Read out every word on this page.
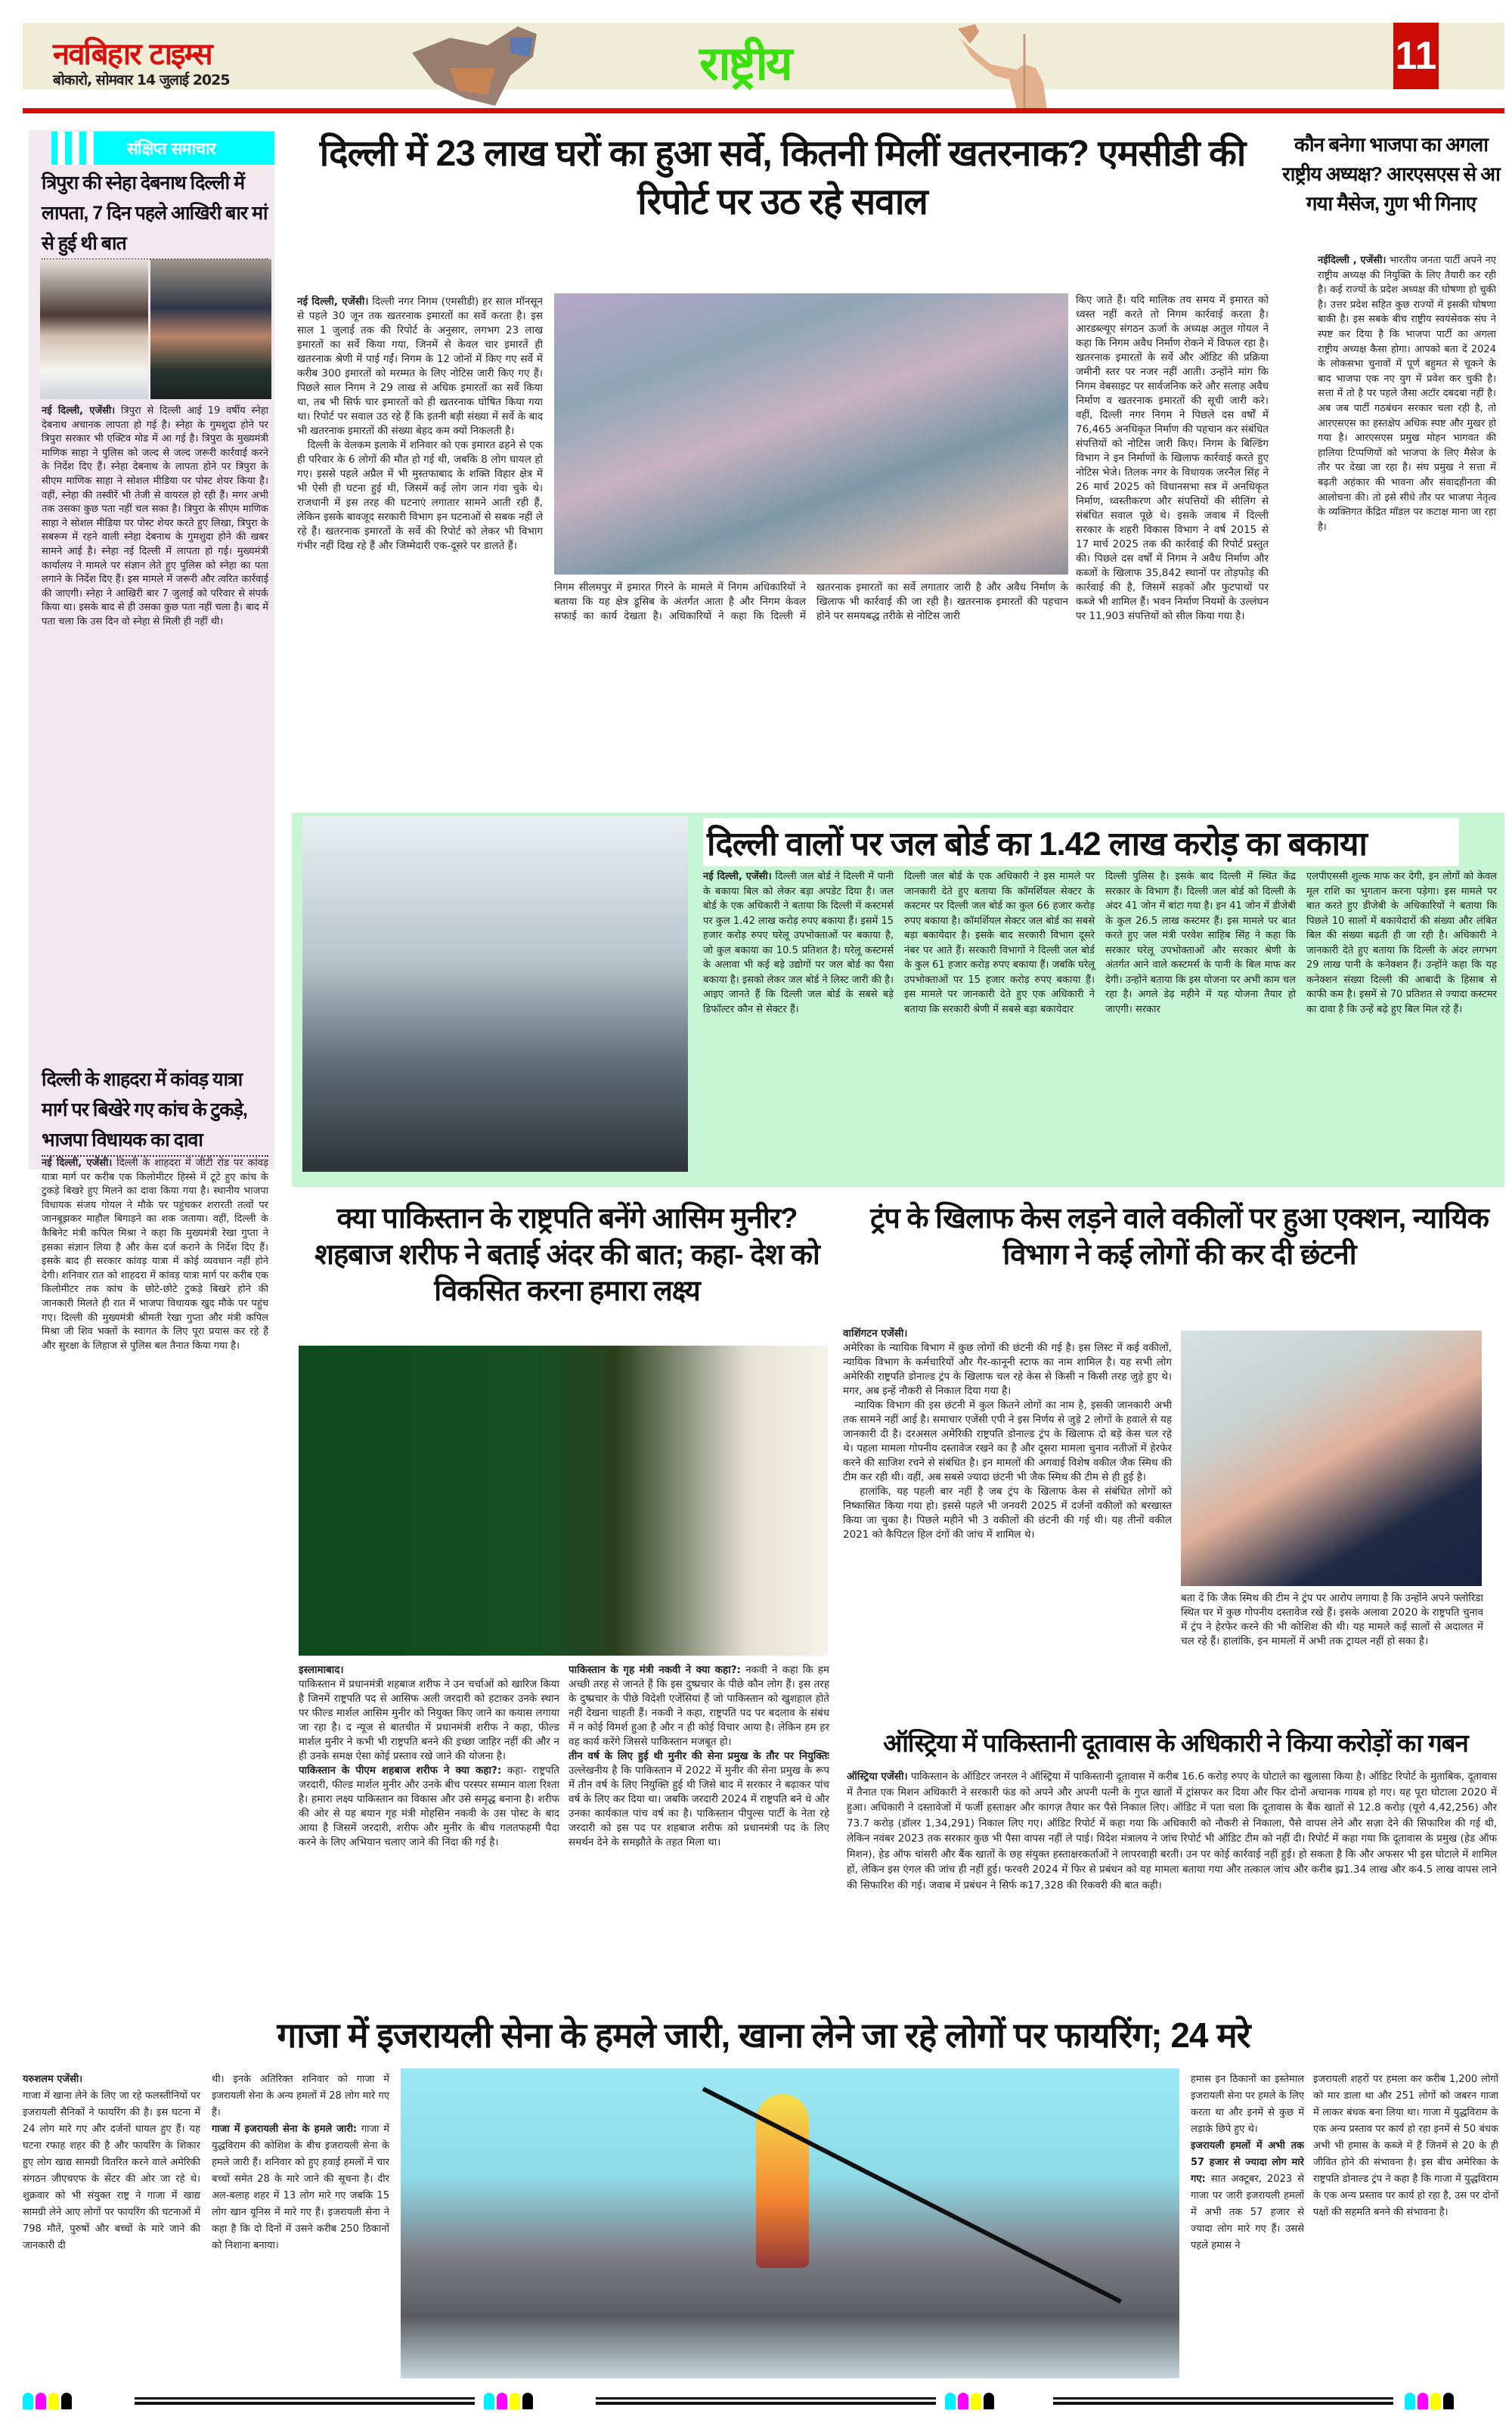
नवबिहार टाइम्स
बोकारो, सोमवार 14 जुलाई 2025	राष्ट्रीय	11
संक्षिप्त समाचार
त्रिपुरा की स्नेहा देबनाथ दिल्ली में लापता, 7 दिन पहले आखिरी बार मां से हुई थी बात
नई दिल्ली, एजेंसी। त्रिपुरा से दिल्ली आई 19 वर्षीय स्नेहा देबनाथ अचानक लापता हो गई है। स्नेहा के गुमशुदा होने पर त्रिपुरा सरकार भी एक्टिव मोड में आ गई है। त्रिपुरा के मुख्यमंत्री माणिक साहा ने पुलिस को जल्द से जल्द जरूरी कार्रवाई करने के निर्देश दिए हैं। स्नेहा देबनाथ के लापता होने पर त्रिपुरा के सीएम माणिक साहा ने सोशल मीडिया पर पोस्ट शेयर किया है। वहीं, स्नेहा की तस्वीरें भी तेजी से वायरल हो रही हैं। मगर अभी तक उसका कुछ पता नहीं चल सका है। त्रिपुरा के सीएम माणिक साहा ने सोशल मीडिया पर पोस्ट शेयर करते हुए लिखा, त्रिपुरा के सबरूम में रहने वाली स्नेहा देबनाथ के गुमशुदा होने की खबर सामने आई है। स्नेहा नई दिल्ली में लापता हो गई। मुख्यमंत्री कार्यालय ने मामले पर संज्ञान लेते हुए पुलिस को स्नेहा का पता लगाने के निर्देश दिए हैं। इस मामले में जरूरी और त्वरित कार्रवाई की जाएगी। स्नेहा ने आखिरी बार 7 जुलाई को परिवार से संपर्क किया था। इसके बाद से ही उसका कुछ पता नहीं चला है। बाद में पता चला कि उस दिन वो स्नेहा से मिली ही नहीं थी।
दिल्ली के शाहदरा में कांवड़ यात्रा मार्ग पर बिखेरे गए कांच के टुकड़े, भाजपा विधायक का दावा
नई दिल्ली, एजेंसी। दिल्ली के शाहदरा में जीटी रोड पर कांवड़ यात्रा मार्ग पर करीब एक किलोमीटर हिस्से में टूटे हुए कांच के टुकड़े बिखरे हुए मिलने का दावा किया गया है। स्थानीय भाजपा विधायक संजय गोयल ने मौके पर पहुंचकर शरारती तत्वों पर जानबूझकर माहौल बिगाड़ने का शक जताया। वहीं, दिल्ली के कैबिनेट मंत्री कपिल मिश्रा ने कहा कि मुख्यमंत्री रेखा गुप्ता ने इसका संज्ञान लिया है और केस दर्ज कराने के निर्देश दिए हैं। इसके बाद ही सरकार कांवड़ यात्रा में कोई व्यवधान नहीं होने देगी। शनिवार रात को शाहदरा में कांवड़ यात्रा मार्ग पर करीब एक किलोमीटर तक कांच के छोटे-छोटे टुकड़े बिखरे होने की जानकारी मिलते ही रात में भाजपा विधायक खुद मौके पर पहुंच गए। दिल्ली की मुख्यमंत्री श्रीमती रेखा गुप्ता और मंत्री कपिल मिश्रा जी शिव भक्तों के स्वागत के लिए पूरा प्रयास कर रहे हैं और सुरक्षा के लिहाज से पुलिस बल तैनात किया गया है।
दिल्ली में 23 लाख घरों का हुआ सर्वे, कितनी मिलीं खतरनाक? एमसीडी की रिपोर्ट पर उठ रहे सवाल
नई दिल्ली, एजेंसी। दिल्ली नगर निगम (एमसीडी) हर साल मॉनसून से पहले 30 जून तक खतरनाक इमारतों का सर्वे करता है। इस साल 1 जुलाई तक की रिपोर्ट के अनुसार, लगभग 23 लाख इमारतों का सर्वे किया गया, जिनमें से केवल चार इमारतें ही खतरनाक श्रेणी में पाई गईं। निगम के 12 जोनों में किए गए सर्वे में करीब 300 इमारतों को मरम्मत के लिए नोटिस जारी किए गए हैं। पिछले साल निगम ने 29 लाख से अधिक इमारतों का सर्वे किया था, तब भी सिर्फ चार इमारतों को ही खतरनाक घोषित किया गया था। रिपोर्ट पर सवाल उठ रहे हैं कि इतनी बड़ी संख्या में सर्वे के बाद भी खतरनाक इमारतों की संख्या बेहद कम क्यों निकलती है।
दिल्ली के वेलकम इलाके में शनिवार को एक इमारत ढहने से एक ही परिवार के 6 लोगों की मौत हो गई थी, जबकि 8 लोग घायल हो गए। इससे पहले अप्रैल में भी मुस्तफाबाद के शक्ति विहार क्षेत्र में भी ऐसी ही घटना हुई थी, जिसमें कई लोग जान गंवा चुके थे। राजधानी में इस तरह की घटनाएं लगातार सामने आती रही हैं, लेकिन इसके बावजूद सरकारी विभाग इन घटनाओं से सबक नहीं ले रहे हैं। खतरनाक इमारतों के सर्वे की रिपोर्ट को लेकर भी विभाग गंभीर नहीं दिख रहे हैं और जिम्मेदारी एक-दूसरे पर डालते हैं।
निगम सीलमपुर में इमारत गिरने के मामले में निगम अधिकारियों ने बताया कि यह क्षेत्र डूसिब के अंतर्गत आता है और निगम केवल सफाई का कार्य देखता है। अधिकारियों ने कहा कि दिल्ली में खतरनाक इमारतों का सर्वे लगातार जारी है और अवैध निर्माण के खिलाफ भी कार्रवाई की जा रही है। खतरनाक इमारतों की पहचान होने पर समयबद्ध तरीके से नोटिस जारी
किए जाते हैं। यदि मालिक तय समय में इमारत को ध्वस्त नहीं करते तो निगम कार्रवाई करता है। आरडब्ल्यूए संगठन ऊर्जा के अध्यक्ष अतुल गोयल ने कहा कि निगम अवैध निर्माण रोकने में विफल रहा है। खतरनाक इमारतों के सर्वे और ऑडिट की प्रक्रिया जमीनी स्तर पर नजर नहीं आती। उन्होंने मांग कि निगम वेबसाइट पर सार्वजनिक करे और सलाह अवैध निर्माण व खतरनाक इमारतों की सूची जारी करे। वहीं, दिल्ली नगर निगम ने पिछले दस वर्षों में 76,465 अनधिकृत निर्माण की पहचान कर संबंधित संपत्तियों को नोटिस जारी किए। निगम के बिल्डिंग विभाग ने इन निर्माणों के खिलाफ कार्रवाई करते हुए नोटिस भेजे। तिलक नगर के विधायक जरनैल सिंह ने 26 मार्च 2025 को विधानसभा सत्र में अनधिकृत निर्माण, ध्वस्तीकरण और संपत्तियों की सीलिंग से संबंधित सवाल पूछे थे। इसके जवाब में दिल्ली सरकार के शहरी विकास विभाग ने वर्ष 2015 से 17 मार्च 2025 तक की कार्रवाई की रिपोर्ट प्रस्तुत की। पिछले दस वर्षों में निगम ने अवैध निर्माण और कब्जों के खिलाफ 35,842 स्थानों पर तोड़फोड़ की कार्रवाई की है, जिसमें सड़कों और फुटपाथों पर कब्जे भी शामिल हैं। भवन निर्माण नियमों के उल्लंघन पर 11,903 संपत्तियों को सील किया गया है।
कौन बनेगा भाजपा का अगला राष्ट्रीय अध्यक्ष? आरएसएस से आ गया मैसेज, गुण भी गिनाए
नईदिल्ली , एजेंसी। भारतीय जनता पार्टी अपने नए राष्ट्रीय अध्यक्ष की नियुक्ति के लिए तैयारी कर रही है। कई राज्यों के प्रदेश अध्यक्ष की घोषणा हो चुकी है। उत्तर प्रदेश सहित कुछ राज्यों में इसकी घोषणा बाकी है। इस सबके बीच राष्ट्रीय स्वयंसेवक संघ ने स्पष्ट कर दिया है कि भाजपा पार्टी का अगला राष्ट्रीय अध्यक्ष कैसा होगा। आपको बता दें 2024 के लोकसभा चुनावों में पूर्ण बहुमत से चूकने के बाद भाजपा एक नए युग में प्रवेश कर चुकी है। सत्ता में तो है पर पहले जैसा अटॉर दबदबा नहीं है। अब जब पार्टी गठबंधन सरकार चला रही है, तो आरएसएस का हस्तक्षेप अधिक स्पष्ट और मुखर हो गया है। आरएसएस प्रमुख मोहन भागवत की हालिया टिप्पणियों को भाजपा के लिए मैसेज के तौर पर देखा जा रहा है। संघ प्रमुख ने सत्ता में बढ़ती अहंकार की भावना और संवादहीनता की आलोचना की। तो इसे सीधे तौर पर भाजपा नेतृत्व के व्यक्तिगत केंद्रित मॉडल पर कटाक्ष माना जा रहा है।
दिल्ली वालों पर जल बोर्ड का 1.42 लाख करोड़ का बकाया
नई दिल्ली, एजेंसी। दिल्ली जल बोर्ड ने दिल्ली में पानी के बकाया बिल को लेकर बड़ा अपडेट दिया है। जल बोर्ड के एक अधिकारी ने बताया कि दिल्ली में कस्टमर्स पर कुल 1.42 लाख करोड़ रुपए बकाया हैं। इसमें 15 हजार करोड़ रुपए घरेलू उपभोक्ताओं पर बकाया है, जो कुल बकाया का 10.5 प्रतिशत है। घरेलू कस्टमर्स के अलावा भी कई बड़े उद्योगों पर जल बोर्ड का पैसा बकाया है। इसको लेकर जल बोर्ड ने लिस्ट जारी की है। आइए जानते हैं कि दिल्ली जल बोर्ड के सबसे बड़े डिफॉल्टर कौन से सेक्टर हैं।
दिल्ली जल बोर्ड के एक अधिकारी ने इस मामले पर जानकारी देते हुए बताया कि कॉमर्शियल सेक्टर के कस्टमर पर दिल्ली जल बोर्ड का कुल 66 हजार करोड़ रुपए बकाया है। कॉमर्शियल सेक्टर जल बोर्ड का सबसे बड़ा बकायेदार है। इसके बाद सरकारी विभाग दूसरे नंबर पर आते हैं। सरकारी विभागों ने दिल्ली जल बोर्ड के कुल 61 हजार करोड़ रुपए बकाया हैं। जबकि घरेलू उपभोक्ताओं पर 15 हजार करोड़ रुपए बकाया हैं। इस मामले पर जानकारी देते हुए एक अधिकारी ने बताया कि सरकारी श्रेणी में सबसे बड़ा बकायेदार
दिल्ली पुलिस है। इसके बाद दिल्ली में स्थित केंद्र सरकार के विभाग हैं। दिल्ली जल बोर्ड को दिल्ली के अंदर 41 जोन में बांटा गया है। इन 41 जोन में डीजेबी के कुल 26.5 लाख कस्टमर हैं। इस मामले पर बात करते हुए जल मंत्री परवेश साहिब सिंह ने कहा कि सरकार घरेलू उपभोक्ताओं और सरकार श्रेणी के अंतर्गत आने वाले कस्टमर्स के पानी के बिल माफ कर देगी। उन्होंने बताया कि इस योजना पर अभी काम चल रहा है। अगले डेढ़ महीने में यह योजना तैयार हो जाएगी। सरकार
एलपीएससी शुल्क माफ कर देगी, इन लोगों को केवल मूल राशि का भुगतान करना पड़ेगा। इस मामले पर बात करते हुए डीजेबी के अधिकारियों ने बताया कि पिछले 10 सालों में बकायेदारों की संख्या और लंबित बिल की संख्या बढ़ती ही जा रही है। अधिकारी ने जानकारी देते हुए बताया कि दिल्ली के अंदर लगभग 29 लाख पानी के कनेक्शन हैं। उन्होंने कहा कि यह कनेक्शन संख्या दिल्ली की आबादी के हिसाब से काफी कम है। इसमें से 70 प्रतिशत से ज्यादा कस्टमर का दावा है कि उन्हें बढ़े हुए बिल मिल रहे हैं।
क्या पाकिस्तान के राष्ट्रपति बनेंगे आसिम मुनीर? शहबाज शरीफ ने बताई अंदर की बात; कहा- देश को विकसित करना हमारा लक्ष्य
इस्लामाबाद।
पाकिस्तान में प्रधानमंत्री शहबाज शरीफ ने उन चर्चाओं को खारिज किया है जिनमें राष्ट्रपति पद से आसिफ अली जरदारी को हटाकर उनके स्थान पर फील्ड मार्शल आसिम मुनीर को नियुक्त किए जाने का कयास लगाया जा रहा है। द न्यूज से बातचीत में प्रधानमंत्री शरीफ ने कहा, फील्ड मार्शल मुनीर ने कभी भी राष्ट्रपति बनने की इच्छा जाहिर नहीं की और न ही उनके समक्ष ऐसा कोई प्रस्ताव रखे जाने की योजना है।
पाकिस्तान के पीएम शहबाज शरीफ ने क्या कहा?: कहा- राष्ट्रपति जरदारी, फील्ड मार्शल मुनीर और उनके बीच परस्पर सम्मान वाला रिश्ता है। हमारा लक्ष्य पाकिस्तान का विकास और उसे समृद्ध बनाना है। शरीफ की ओर से यह बयान गृह मंत्री मोहसिन नकवी के उस पोस्ट के बाद आया है जिसमें जरदारी, शरीफ और मुनीर के बीच गलतफहमी पैदा करने के लिए अभियान चलाए जाने की निंदा की गई है।
पाकिस्तान के गृह मंत्री नकवी ने क्या कहा?: नकवी ने कहा कि हम अच्छी तरह से जानते हैं कि इस दुष्प्रचार के पीछे कौन लोग हैं। इस तरह के दुष्प्रचार के पीछे विदेशी एजेंसियां हैं जो पाकिस्तान को खुशहाल होते नहीं देखना चाहती हैं। नकवी ने कहा, राष्ट्रपति पद पर बदलाव के संबंध में न कोई विमर्श हुआ है और न ही कोई विचार आया है। लेकिन हम हर वह कार्य करेंगे जिससे पाकिस्तान मजबूत हो।
तीन वर्ष के लिए हुई थी मुनीर की सेना प्रमुख के तौर पर नियुक्तिः उल्लेखनीय है कि पाकिस्तान में 2022 में मुनीर की सेना प्रमुख के रूप में तीन वर्ष के लिए नियुक्ति हुई थी जिसे बाद में सरकार ने बढ़ाकर पांच वर्ष के लिए कर दिया था। जबकि जरदारी 2024 में राष्ट्रपति बने थे और उनका कार्यकाल पांच वर्ष का है। पाकिस्तान पीपुल्स पार्टी के नेता रहे जरदारी को इस पद पर शहबाज शरीफ को प्रधानमंत्री पद के लिए समर्थन देने के समझौते के तहत मिला था।
ट्रंप के खिलाफ केस लड़ने वाले वकीलों पर हुआ एक्शन, न्यायिक विभाग ने कई लोगों की कर दी छंटनी
वाशिंगटन एजेंसी।
अमेरिका के न्यायिक विभाग में कुछ लोगों की छंटनी की गई है। इस लिस्ट में कई वकीलों, न्यायिक विभाग के कर्मचारियों और गैर-कानूनी स्टाफ का नाम शामिल है। यह सभी लोग अमेरिकी राष्ट्रपति डोनाल्ड ट्रंप के खिलाफ चल रहे केस से किसी न किसी तरह जुड़े हुए थे। मगर, अब इन्हें नौकरी से निकाल दिया गया है।
न्यायिक विभाग की इस छंटनी में कुल कितने लोगों का नाम है, इसकी जानकारी अभी तक सामने नहीं आई है। समाचार एजेंसी एपी ने इस निर्णय से जुड़े 2 लोगों के हवाले से यह जानकारी दी है। दरअसल अमेरिकी राष्ट्रपति डोनाल्ड ट्रंप के खिलाफ दो बड़े केस चल रहे थे। पहला मामला गोपनीय दस्तावेज रखने का है और दूसरा मामला चुनाव नतीजों में हेरफेर करने की साजिश रचने से संबंधित है। इन मामलों की अगवाई विशेष वकील जैक स्मिथ की टीम कर रही थी। वहीं, अब सबसे ज्यादा छंटनी भी जैक स्मिथ की टीम से ही हुई है।
हालांकि, यह पहली बार नहीं है जब ट्रंप के खिलाफ केस से संबंधित लोगों को निष्कासित किया गया हो। इससे पहले भी जनवरी 2025 में दर्जनों वकीलों को बरखास्त किया जा चुका है। पिछले महीने भी 3 वकीलों की छंटनी की गई थी। यह तीनों वकील 2021 को कैपिटल हिल दंगों की जांच में शामिल थे।
बता दें कि जैक स्मिथ की टीम ने ट्रंप पर आरोप लगाया है कि उन्होंने अपने फ्लोरिडा स्थित घर में कुछ गोपनीय दस्तावेज रखे हैं। इसके अलावा 2020 के राष्ट्रपति चुनाव में ट्रंप ने हेरफेर करने की भी कोशिश की थी। यह मामले कई सालों से अदालत में चल रहे हैं। हालांकि, इन मामलों में अभी तक ट्रायल नहीं हो सका है।
ऑस्ट्रिया में पाकिस्तानी दूतावास के अधिकारी ने किया करोड़ों का गबन
ऑस्ट्रिया एजेंसी। पाकिस्तान के ऑडिटर जनरल ने ऑस्ट्रिया में पाकिस्तानी दूतावास में करीब 16.6 करोड़ रुपए के घोटाले का खुलासा किया है। ऑडिट रिपोर्ट के मुताबिक, दूतावास में तैनात एक मिशन अधिकारी ने सरकारी फंड को अपने और अपनी पत्नी के गुप्त खातों में ट्रांसफर कर दिया और फिर दोनों अचानक गायब हो गए। यह पूरा घोटाला 2020 में हुआ। अधिकारी ने दस्तावेजों में फर्जी हस्ताक्षर और कागज़ तैयार कर पैसे निकाल लिए। ऑडिट में पता चला कि दूतावास के बैंक खातों से 12.8 करोड़ (यूरो 4,42,256) और 73.7 करोड़ (डॉलर 1,34,291) निकाल लिए गए। ऑडिट रिपोर्ट में कहा गया कि अधिकारी को नौकरी से निकाला, पैसे वापस लेने और सज़ा देने की सिफारिश की गई थी, लेकिन नवंबर 2023 तक सरकार कुछ भी पैसा वापस नहीं ले पाई। विदेश मंत्रालय ने जांच रिपोर्ट भी ऑडिट टीम को नहीं दी। रिपोर्ट में कहा गया कि दूतावास के प्रमुख (हेड ऑफ मिशन), हेड ऑफ चांसरी और बैंक खातों के छह संयुक्त हस्ताक्षरकर्ताओं ने लापरवाही बरती। उन पर कोई कार्रवाई नहीं हुई। हो सकता है कि और अफसर भी इस घोटाले में शामिल हों, लेकिन इस एंगल की जांच ही नहीं हुई। फरवरी 2024 में फिर से प्रबंधन को यह मामला बताया गया और तत्काल जांच और करीब झ्र1.34 लाख और क4.5 लाख वापस लाने की सिफारिश की गई। जवाब में प्रबंधन ने सिर्फ क17,328 की रिकवरी की बात कही।
गाजा में इजरायली सेना के हमले जारी, खाना लेने जा रहे लोगों पर फायरिंग; 24 मरे
यरुशलम एजेंसी।
गाजा में खाना लेने के लिए जा रहे फलस्तीनियों पर इजरायली सैनिकों ने फायरिंग की है। इस घटना में 24 लोग मारे गए और दर्जनों घायल हुए हैं। यह घटना रफाह शहर की है और फायरिंग के शिकार हुए लोग खाद्य सामग्री वितरित करने वाले अमेरिकी संगठन जीएचएफ के सेंटर की ओर जा रहे थे। शुक्रवार को भी संयुक्त राष्ट्र ने गाजा में खाद्य सामग्री लेने आए लोगों पर फायरिंग की घटनाओं में 798 मौतें, पुरुषों और बच्चों के मारे जाने की जानकारी दी
थी। इनके अतिरिक्त शनिवार को गाजा में इजरायली सेना के अन्य हमलों में 28 लोग मारे गए हैं।
गाजा में इजरायली सेना के हमले जारी: गाजा में युद्धविराम की कोशिश के बीच इजरायली सेना के हमले जारी हैं। शनिवार को हुए हवाई हमलों में चार बच्चों समेत 28 के मारे जाने की सूचना है। दीर अल-बलाह शहर में 13 लोग मारे गए जबकि 15 लोग खान यूनिस में मारे गए हैं। इजरायली सेना ने कहा है कि दो दिनों में उसने करीब 250 ठिकानों को निशाना बनाया।
हमास इन ठिकानों का इस्तेमाल इजरायली सेना पर हमले के लिए करता था और इनमें से कुछ में लड़ाके छिपे हुए थे।
इजरायली हमलों में अभी तक 57 हजार से ज्यादा लोग मारे गए: सात अक्टूबर, 2023 से गाजा पर जारी इजरायली हमलों में अभी तक 57 हजार से ज्यादा लोग मारे गए हैं। उससे पहले हमास ने
इजरायली शहरों पर हमला कर करीब 1,200 लोगों को मार डाला था और 251 लोगों को जबरन गाजा में लाकर बंधक बना लिया था। गाजा में युद्धविराम के एक अन्य प्रस्ताव पर कार्य हो रहा इनमें से 50 बंधक अभी भी हमास के कब्जे में हैं जिनमें से 20 के ही जीवित होने की संभावना है। इस बीच अमेरिका के राष्ट्रपति डोनाल्ड ट्रंप ने कहा है कि गाजा में युद्धविराम के एक अन्य प्रस्ताव पर कार्य हो रहा है, उस पर दोनों पक्षों की सहमति बनने की संभावना है।
